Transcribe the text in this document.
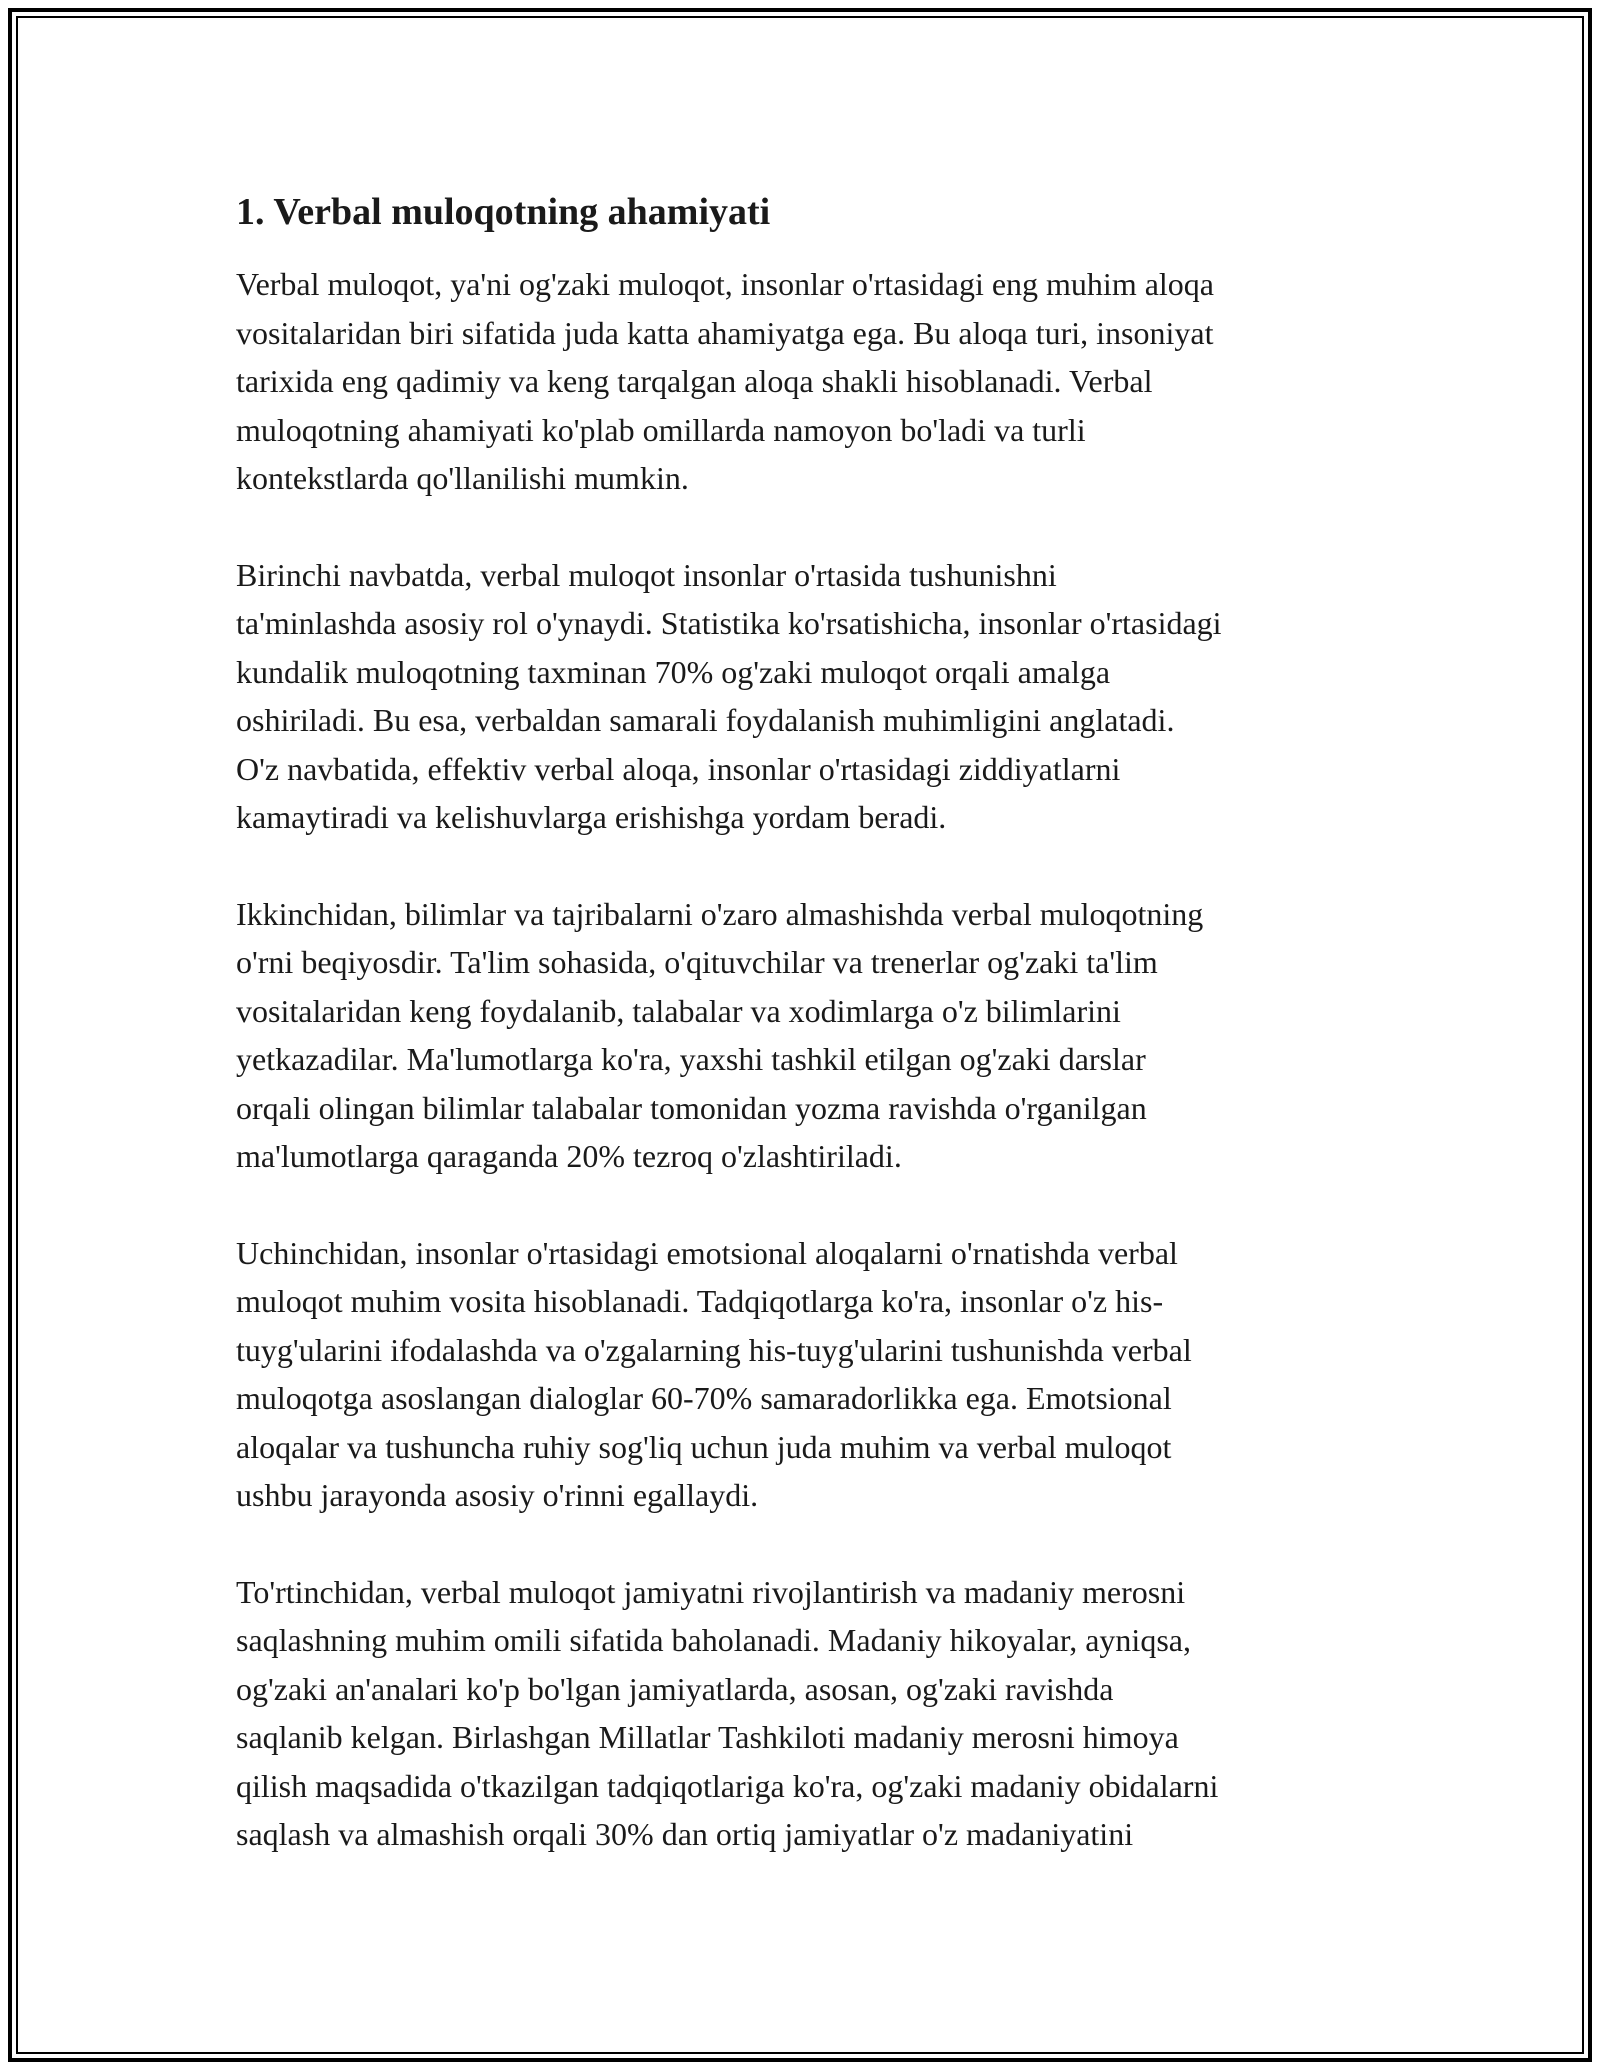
1. Verbal muloqotning ahamiyati

Verbal muloqot, ya'ni og'zaki muloqot, insonlar o'rtasidagi eng muhim aloqa
vositalaridan biri sifatida juda katta ahamiyatga ega. Bu aloqa turi, insoniyat
tarixida eng qadimiy va keng tarqalgan aloqa shakli hisoblanadi. Verbal
muloqotning ahamiyati ko'plab omillarda namoyon bo'ladi va turli
kontekstlarda qo'llanilishi mumkin.

Birinchi navbatda, verbal muloqot insonlar o'rtasida tushunishni
ta'minlashda asosiy rol o'ynaydi. Statistika ko'rsatishicha, insonlar o'rtasidagi
kundalik muloqotning taxminan 70% og'zaki muloqot orqali amalga
oshiriladi. Bu esa, verbaldan samarali foydalanish muhimligini anglatadi.
O'z navbatida, effektiv verbal aloqa, insonlar o'rtasidagi ziddiyatlarni
kamaytiradi va kelishuvlarga erishishga yordam beradi.

Ikkinchidan, bilimlar va tajribalarni o'zaro almashishda verbal muloqotning
o'rni beqiyosdir. Ta'lim sohasida, o'qituvchilar va trenerlar og'zaki ta'lim
vositalaridan keng foydalanib, talabalar va xodimlarga o'z bilimlarini
yetkazadilar. Ma'lumotlarga ko'ra, yaxshi tashkil etilgan og'zaki darslar
orqali olingan bilimlar talabalar tomonidan yozma ravishda o'rganilgan
ma'lumotlarga qaraganda 20% tezroq o'zlashtiriladi.

Uchinchidan, insonlar o'rtasidagi emotsional aloqalarni o'rnatishda verbal
muloqot muhim vosita hisoblanadi. Tadqiqotlarga ko'ra, insonlar o'z his-
tuyg'ularini ifodalashda va o'zgalarning his-tuyg'ularini tushunishda verbal
muloqotga asoslangan dialoglar 60-70% samaradorlikka ega. Emotsional
aloqalar va tushuncha ruhiy sog'liq uchun juda muhim va verbal muloqot
ushbu jarayonda asosiy o'rinni egallaydi.

To'rtinchidan, verbal muloqot jamiyatni rivojlantirish va madaniy merosni
saqlashning muhim omili sifatida baholanadi. Madaniy hikoyalar, ayniqsa,
og'zaki an'analari ko'p bo'lgan jamiyatlarda, asosan, og'zaki ravishda
saqlanib kelgan. Birlashgan Millatlar Tashkiloti madaniy merosni himoya
qilish maqsadida o'tkazilgan tadqiqotlariga ko'ra, og'zaki madaniy obidalarni
saqlash va almashish orqali 30% dan ortiq jamiyatlar o'z madaniyatini
